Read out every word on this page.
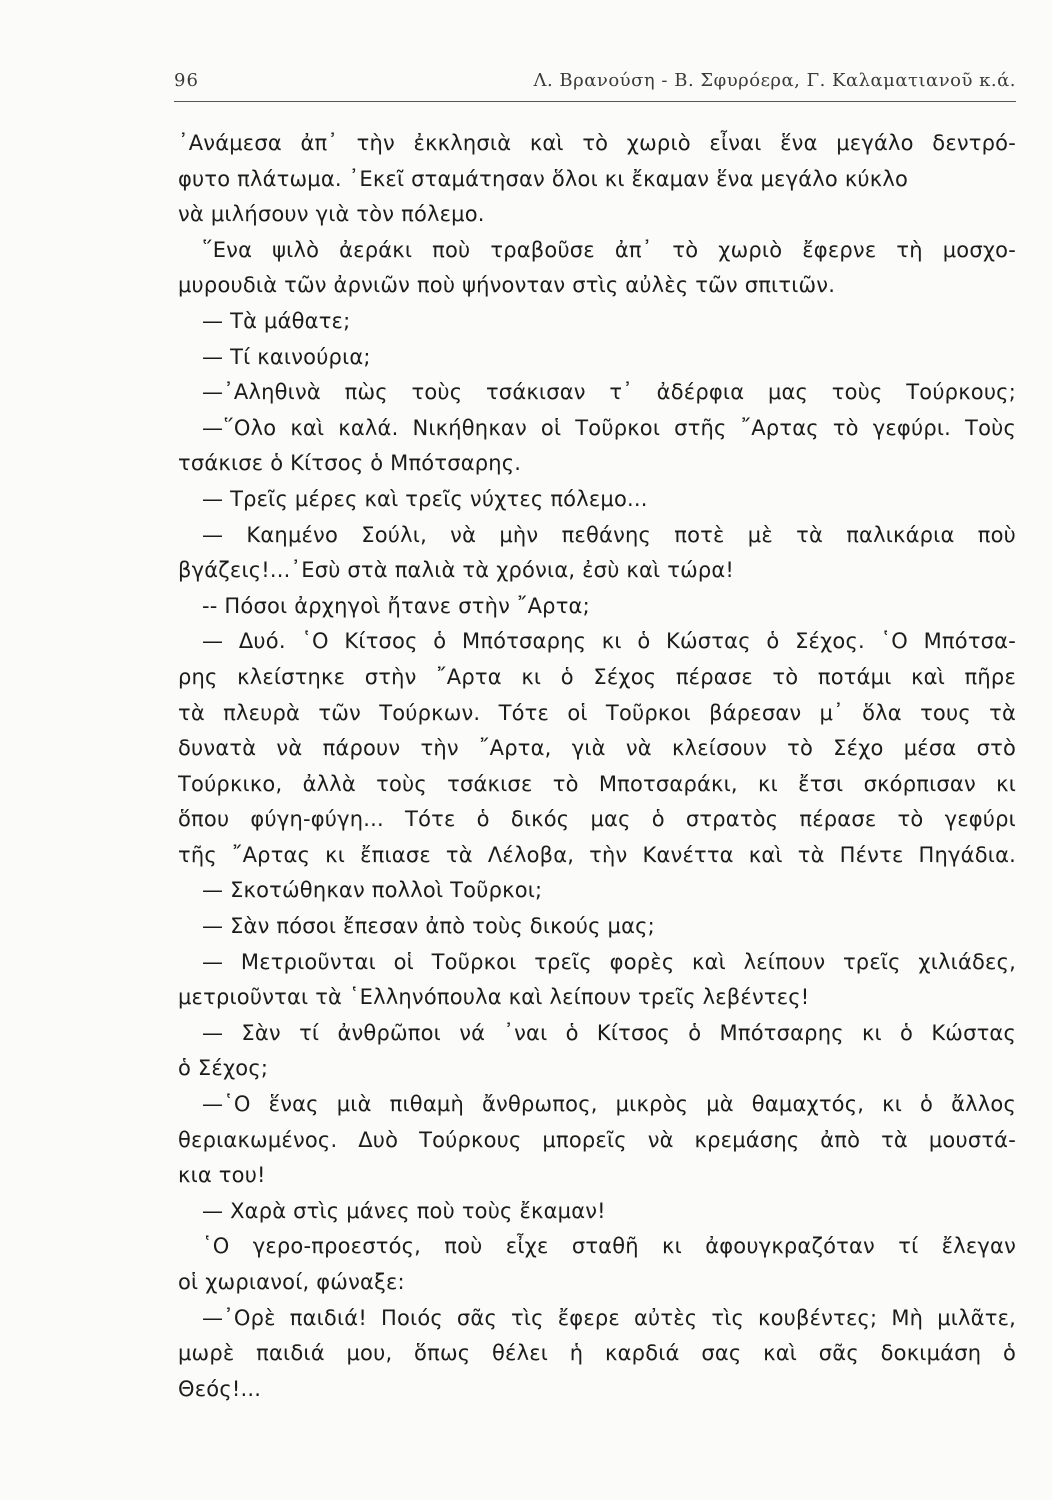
96	Λ. Βρανούση - Β. Σφυρόερα, Γ. Καλαματιανοῦ κ.ά.
᾿Ανάμεσα ἀπ᾿ τὴν ἐκκλησιὰ καὶ τὸ χωριὸ εἶναι ἕνα μεγάλο δεντρό-
φυτο πλάτωμα. ᾿Εκεῖ σταμάτησαν ὅλοι κι ἔκαμαν ἕνα μεγάλο κύκλο
νὰ μιλήσουν γιὰ τὸν πόλεμο.
῞Ενα ψιλὸ ἀεράκι ποὺ τραβοῦσε ἀπ᾿ τὸ χωριὸ ἔφερνε τὴ μοσχο-
μυρουδιὰ τῶν ἀρνιῶν ποὺ ψήνονταν στὶς αὐλὲς τῶν σπιτιῶν.
— Τὰ μάθατε;
— Τί καινούρια;
—᾿Αληθινὰ πὼς τοὺς τσάκισαν τ᾿ ἀδέρφια μας τοὺς Τούρκους;
—῞Ολο καὶ καλά. Νικήθηκαν οἱ Τοῦρκοι στῆς ῎Αρτας τὸ γεφύρι. Τοὺς
τσάκισε ὁ Κίτσος ὁ Μπότσαρης.
— Τρεῖς μέρες καὶ τρεῖς νύχτες πόλεμο...
— Καημένο Σούλι, νὰ μὴν πεθάνης ποτὲ μὲ τὰ παλικάρια ποὺ
βγάζεις!...᾿Εσὺ στὰ παλιὰ τὰ χρόνια, ἐσὺ καὶ τώρα!
-- Πόσοι ἀρχηγοὶ ἤτανε στὴν ῎Αρτα;
— Δυό. ῾Ο Κίτσος ὁ Μπότσαρης κι ὁ Κώστας ὁ Σέχος. ῾Ο Μπότσα-
ρης κλείστηκε στὴν ῎Αρτα κι ὁ Σέχος πέρασε τὸ ποτάμι καὶ πῆρε
τὰ πλευρὰ τῶν Τούρκων. Τότε οἱ Τοῦρκοι βάρεσαν μ᾿ ὅλα τους τὰ
δυνατὰ νὰ πάρουν τὴν ῎Αρτα, γιὰ νὰ κλείσουν τὸ Σέχο μέσα στὸ
Τούρκικο, ἀλλὰ τοὺς τσάκισε τὸ Μποτσαράκι, κι ἔτσι σκόρπισαν κι
ὅπου φύγη-φύγη... Τότε ὁ δικός μας ὁ στρατὸς πέρασε τὸ γεφύρι
τῆς ῎Αρτας κι ἔπιασε τὰ Λέλοβα, τὴν Κανέττα καὶ τὰ Πέντε Πηγάδια.
— Σκοτώθηκαν πολλοὶ Τοῦρκοι;
— Σὰν πόσοι ἔπεσαν ἀπὸ τοὺς δικούς μας;
— Μετριοῦνται οἱ Τοῦρκοι τρεῖς φορὲς καὶ λείπουν τρεῖς χιλιάδες,
μετριοῦνται τὰ ῾Ελληνόπουλα καὶ λείπουν τρεῖς λεβέντες!
— Σὰν τί ἀνθρῶποι νά ᾿ναι ὁ Κίτσος ὁ Μπότσαρης κι ὁ Κώστας
ὁ Σέχος;
—῾Ο ἕνας μιὰ πιθαμὴ ἄνθρωπος, μικρὸς μὰ θαμαχτός, κι ὁ ἄλλος
θεριακωμένος. Δυὸ Τούρκους μπορεῖς νὰ κρεμάσης ἀπὸ τὰ μουστά-
κια του!
— Χαρὰ στὶς μάνες ποὺ τοὺς ἔκαμαν!
῾Ο γερο-προεστός, ποὺ εἶχε σταθῆ κι ἀφουγκραζόταν τί ἔλεγαν
οἱ χωριανοί, φώναξε:
—᾿Ορὲ παιδιά! Ποιός σᾶς τὶς ἔφερε αὐτὲς τὶς κουβέντες; Μὴ μιλᾶτε,
μωρὲ παιδιά μου, ὅπως θέλει ἡ καρδιά σας καὶ σᾶς δοκιμάση ὁ
Θεός!...
